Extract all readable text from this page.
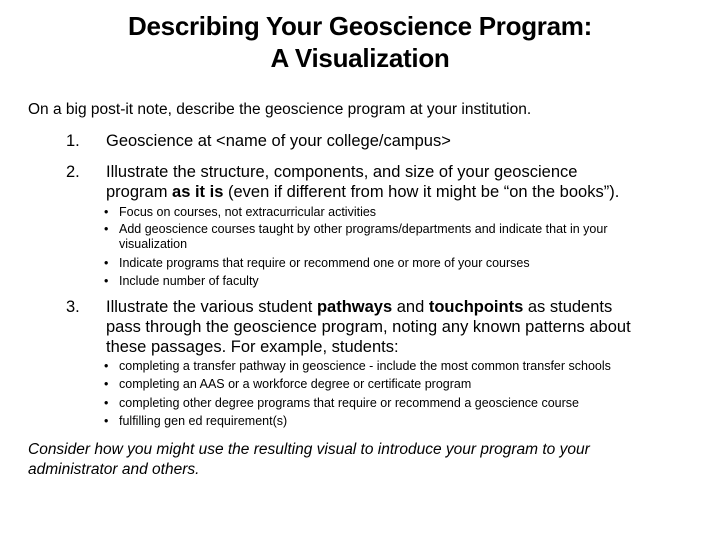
Describing Your Geoscience Program:
A Visualization
On a big post-it note, describe the geoscience program at your institution.
1. Geoscience at <name of your college/campus>
2. Illustrate the structure, components, and size of your geoscience
program as it is (even if different from how it might be “on the books”).
• Focus on courses, not extracurricular activities
• Add geoscience courses taught by other programs/departments and indicate that in your
visualization
• Indicate programs that require or recommend one or more of your courses
• Include number of faculty
3. Illustrate the various student pathways and touchpoints as students
pass through the geoscience program, noting any known patterns about
these passages. For example, students:
• completing a transfer pathway in geoscience - include the most common transfer schools
• completing an AAS or a workforce degree or certificate program
• completing other degree programs that require or recommend a geoscience course
• fulfilling gen ed requirement(s)
Consider how you might use the resulting visual to introduce your program to your
administrator and others.
